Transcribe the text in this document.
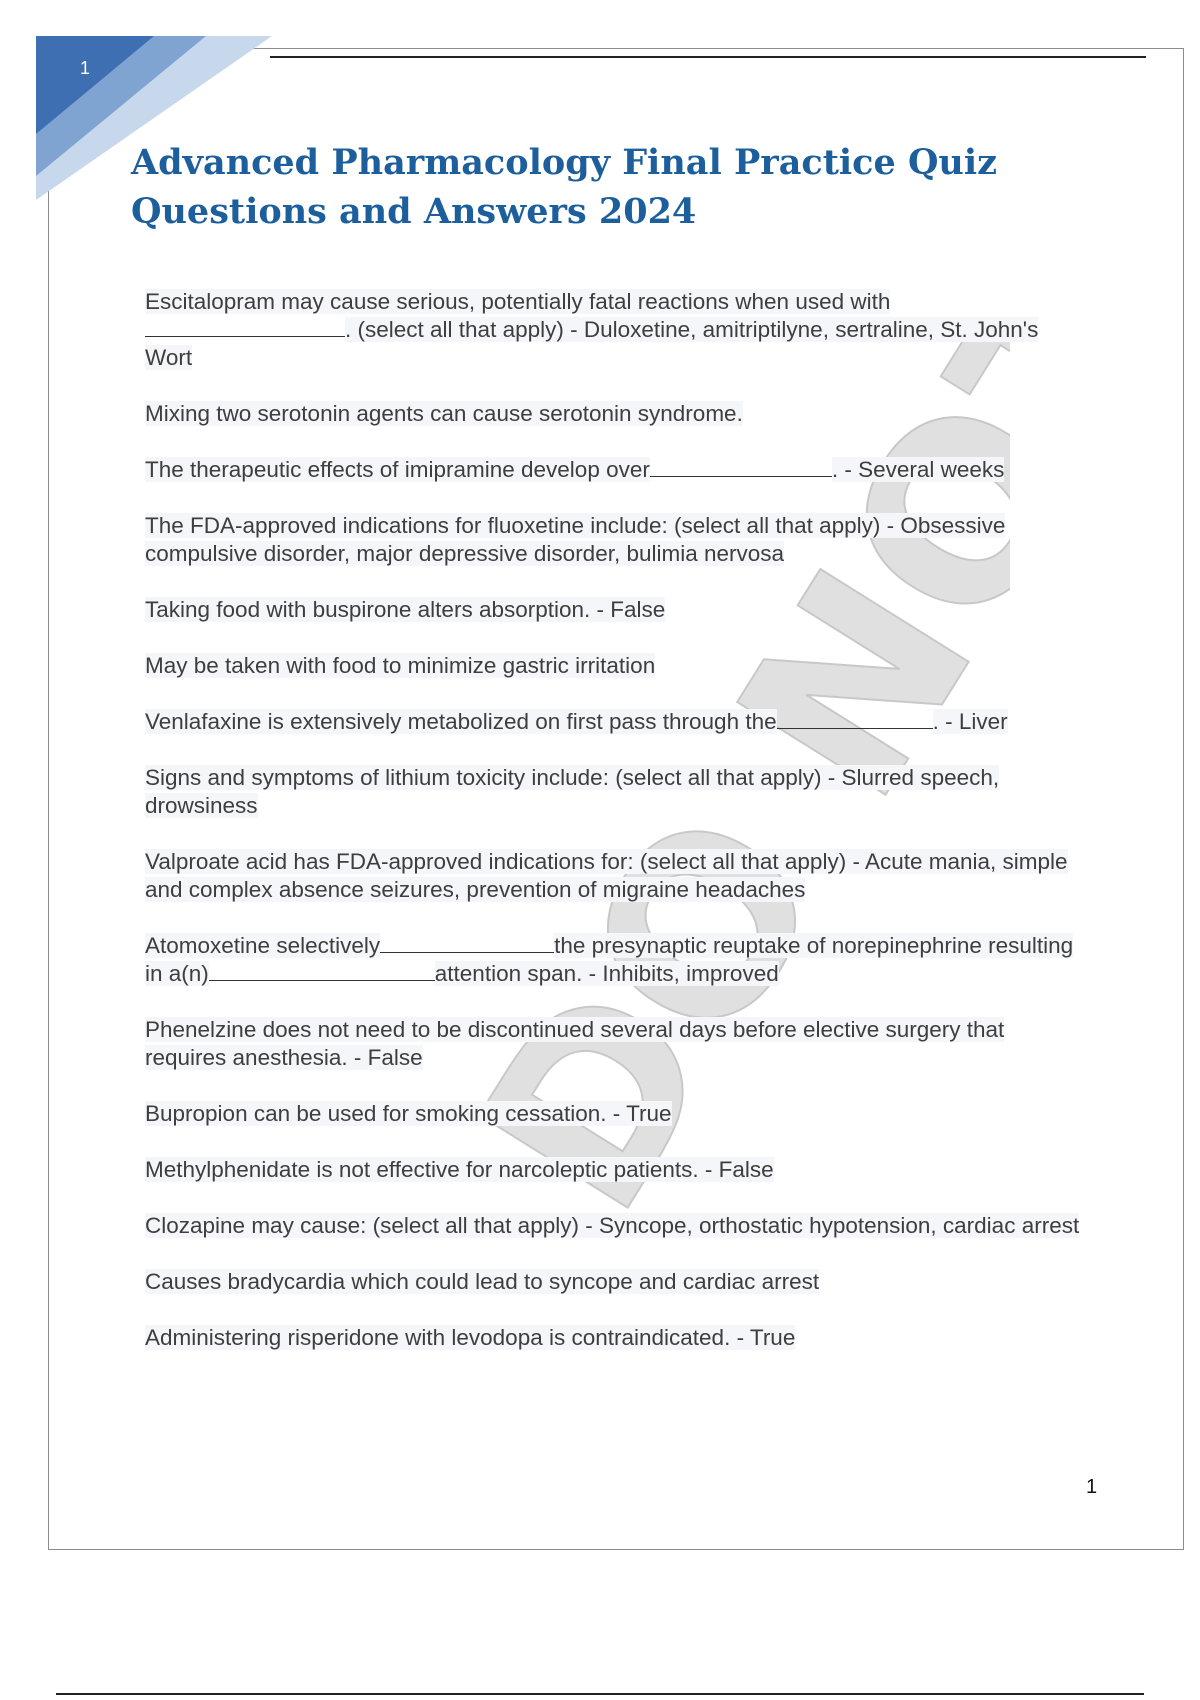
1
DO NOT
Advanced Pharmacology Final Practice Quiz
Questions and Answers 2024
Escitalopram may cause serious, potentially fatal reactions when used with
. (select all that apply) - Duloxetine, amitriptilyne, sertraline, St. John's Wort
Mixing two serotonin agents can cause serotonin syndrome.
The therapeutic effects of imipramine develop over	. - Several weeks
The FDA-approved indications for fluoxetine include: (select all that apply) - Obsessive compulsive disorder, major depressive disorder, bulimia nervosa
Taking food with buspirone alters absorption. - False
May be taken with food to minimize gastric irritation
Venlafaxine is extensively metabolized on first pass through the	. - Liver
Signs and symptoms of lithium toxicity include: (select all that apply) - Slurred speech, drowsiness
Valproate acid has FDA-approved indications for: (select all that apply) - Acute mania, simple and complex absence seizures, prevention of migraine headaches
Atomoxetine selectively	the presynaptic reuptake of norepinephrine resulting in a(n)	attention span. - Inhibits, improved
Phenelzine does not need to be discontinued several days before elective surgery that requires anesthesia. - False
Bupropion can be used for smoking cessation. - True
Methylphenidate is not effective for narcoleptic patients. - False
Clozapine may cause: (select all that apply) - Syncope, orthostatic hypotension, cardiac arrest
Causes bradycardia which could lead to syncope and cardiac arrest
Administering risperidone with levodopa is contraindicated. - True
1
